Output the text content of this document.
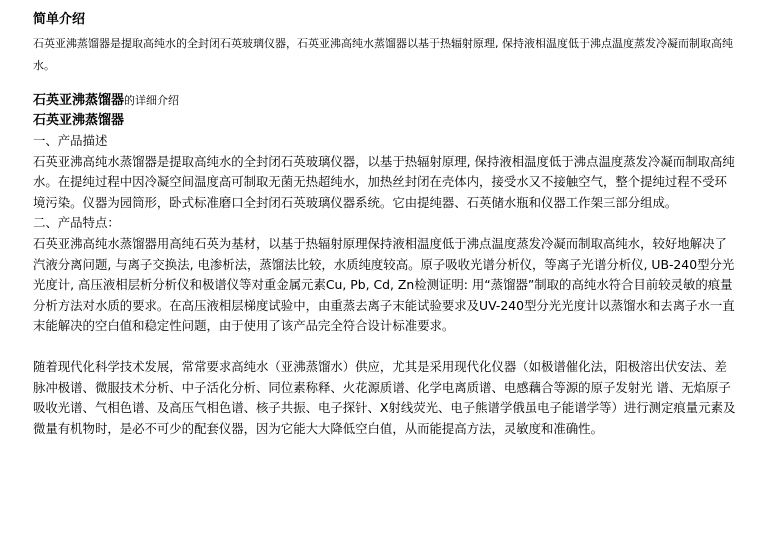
简单介绍

石英亚沸蒸馏器是提取高纯水的全封闭石英玻璃仪器，石英亚沸高纯水蒸馏器以基于热辐射原理, 保持液相温度低于沸点温度蒸发冷凝而制取高纯水。

石英亚沸蒸馏器的详细介绍
石英亚沸蒸馏器

一、产品描述

石英亚沸高纯水蒸馏器是提取高纯水的全封闭石英玻璃仪器，以基于热辐射原理, 保持液相温度低于沸点温度蒸发冷凝而制取高纯水。在提纯过程中因冷凝空间温度高可制取无菌无热超纯水，加热丝封闭在壳体内，接受水又不接触空气，整个提纯过程不受环境污染。仪器为园筒形，卧式标准磨口全封闭石英玻璃仪器系统。它由提纯器、石英储水瓶和仪器工作架三部分组成。

二、产品特点：

石英亚沸高纯水蒸馏器用高纯石英为基材，以基于热辐射原理保持液相温度低于沸点温度蒸发冷凝而制取高纯水，较好地解决了汽液分离问题, 与离子交换法, 电渗析法，蒸馏法比较，水质纯度较高。原子吸收光谱分析仪，等离子光谱分析仪, UB-240型分光光度计, 高压液相层析分析仪和极谱仪等对重金属元素Cu, Pb, Cd, Zn检测证明: 用“蒸馏器”制取的高纯水符合目前较灵敏的痕量分析方法对水质的要求。在高压液相层梯度试验中，由重蒸去离子末能试验要求及UV-240型分光光度计以蒸馏水和去离子水一直末能解决的空白值和稳定性问题，由于使用了该产品完全符合设计标准要求。

随着现代化科学技术发展，常常要求高纯水（亚沸蒸馏水）供应，尤其是采用现代化仪器（如极谱催化法，阳极溶出伏安法、差脉冲极谱、微服技术分析、中子活化分析、同位素称释、火花源质谱、化学电离质谱、电感藕合等源的原子发射光 谱、无焰原子吸收光谱、气相色谱、及高压气相色谱、核子共振、电子探针、X射线荧光、电子熊谱学俄虽电子能谱学等）进行测定痕量元素及微量有机物时，是必不可少的配套仪器，因为它能大大降低空白值，从而能提高方法，灵敏度和准确性。
